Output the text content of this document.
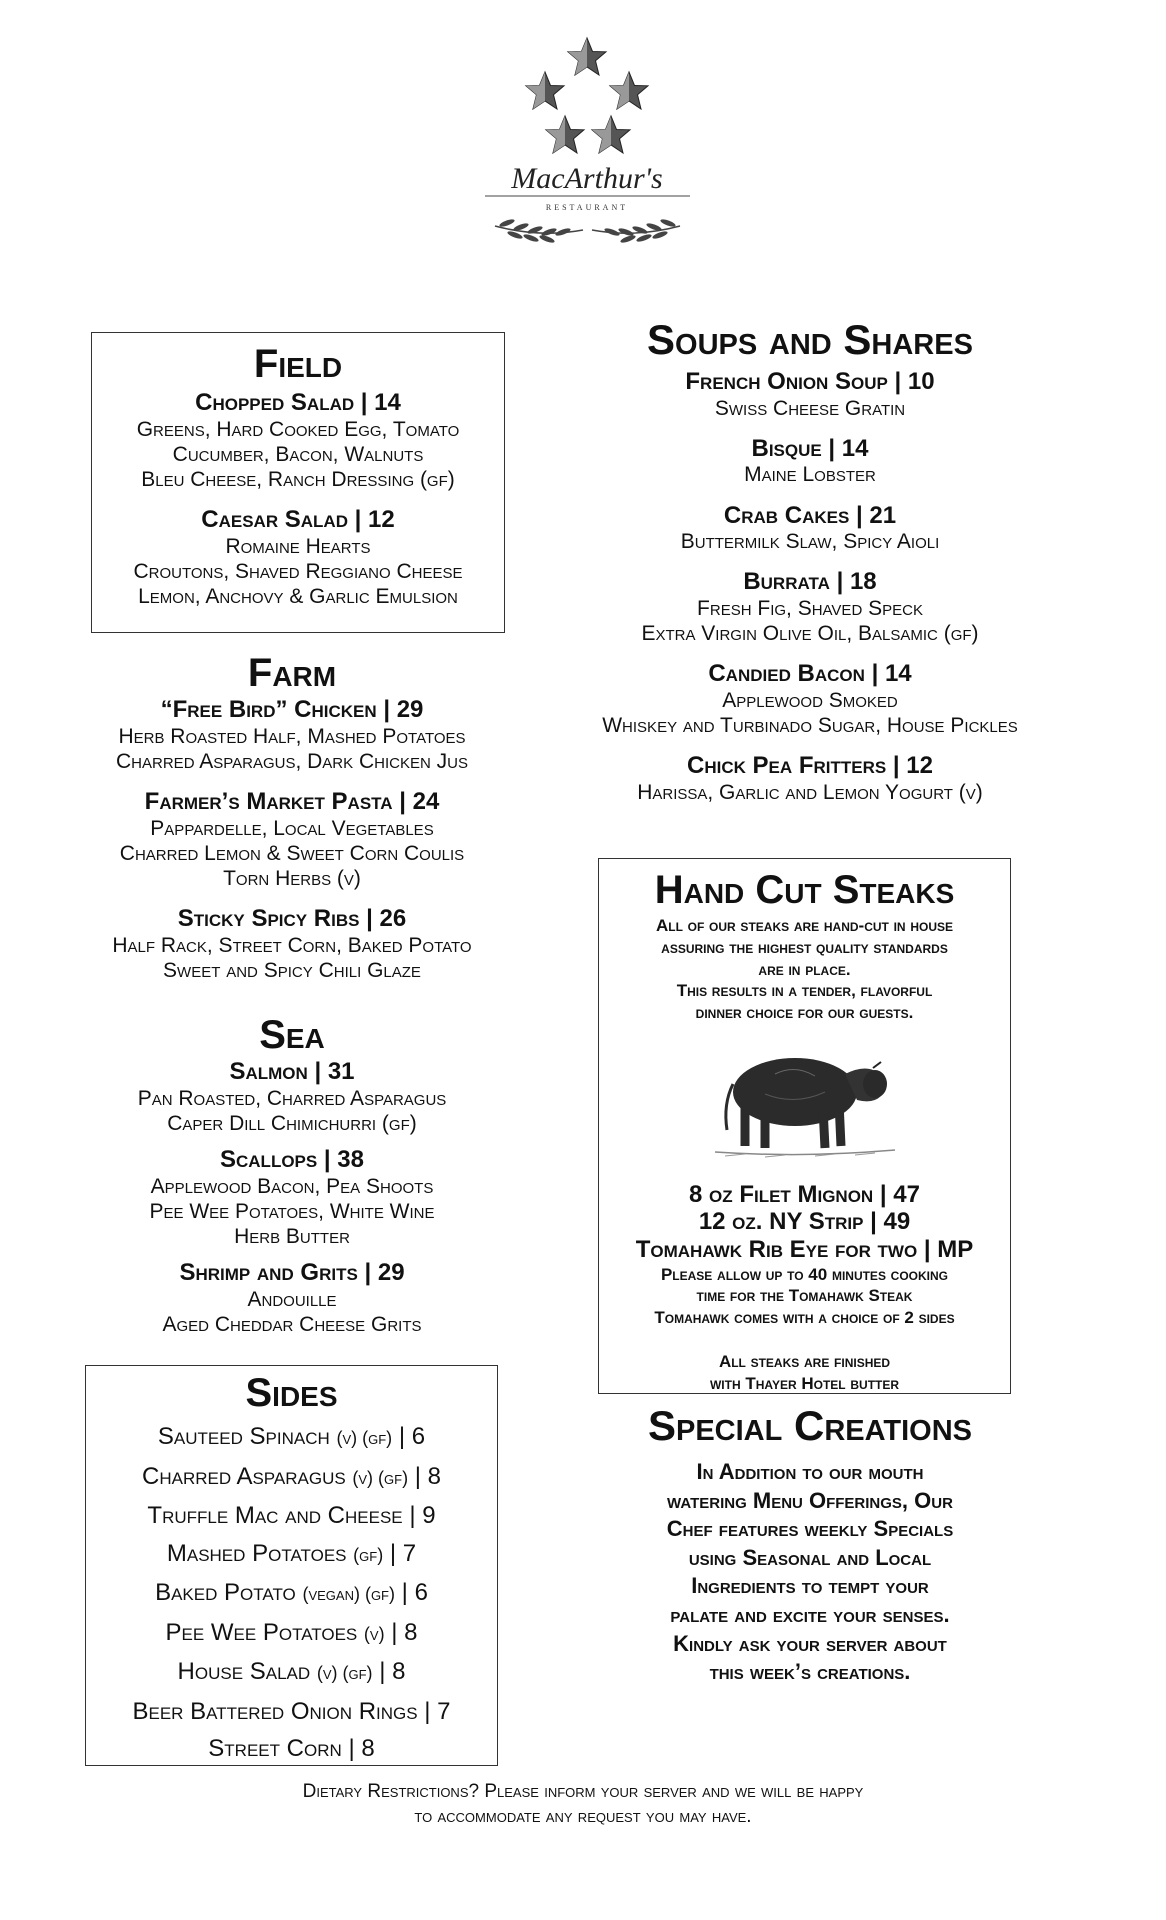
MacArthur's
RESTAURANT

Field

Chopped Salad | 14

Greens, Hard Cooked Egg, Tomato

Cucumber, Bacon, Walnuts

Bleu Cheese, Ranch Dressing (gf)

Caesar Salad | 12

Romaine Hearts

Croutons, Shaved Reggiano Cheese

Lemon, Anchovy & Garlic Emulsion

Farm

“Free Bird” Chicken | 29

Herb Roasted Half, Mashed Potatoes

Charred Asparagus, Dark Chicken Jus

Farmer’s Market Pasta | 24

Pappardelle, Local Vegetables

Charred Lemon & Sweet Corn Coulis

Torn Herbs (v)

Sticky Spicy Ribs | 26

Half Rack, Street Corn, Baked Potato

Sweet and Spicy Chili Glaze

Sea

Salmon | 31

Pan Roasted, Charred Asparagus

Caper Dill Chimichurri (gf)

Scallops | 38

Applewood Bacon, Pea Shoots

Pee Wee Potatoes, White Wine

Herb Butter

Shrimp and Grits | 29

Andouille

Aged Cheddar Cheese Grits

Sides

Sauteed Spinach (v) (gf) | 6

Charred Asparagus (v) (gf) | 8

Truffle Mac and Cheese | 9

Mashed Potatoes (gf) | 7

Baked Potato (vegan) (gf) | 6

Pee Wee Potatoes (v) | 8

House Salad (v) (gf) | 8

Beer Battered Onion Rings | 7

Street Corn | 8

Soups and Shares

French Onion Soup | 10

Swiss Cheese Gratin

Bisque | 14

Maine Lobster

Crab Cakes | 21

Buttermilk Slaw, Spicy Aioli

Burrata | 18

Fresh Fig, Shaved Speck

Extra Virgin Olive Oil, Balsamic (gf)

Candied Bacon | 14

Applewood Smoked

Whiskey and Turbinado Sugar, House Pickles

Chick Pea Fritters | 12

Harissa, Garlic and Lemon Yogurt (v)

Hand Cut Steaks

All of our steaks are hand-cut in house

assuring the highest quality standards

are in place.

This results in a tender, flavorful

dinner choice for our guests.

8 oz Filet Mignon | 47

12 oz. NY Strip | 49

Tomahawk Rib Eye for two | MP

Please allow up to 40 minutes cooking

time for the Tomahawk Steak

Tomahawk comes with a choice of 2 sides

All steaks are finished

with Thayer Hotel butter

Special Creations

In Addition to our mouth

watering Menu Offerings, Our

Chef features weekly Specials

using Seasonal and Local

Ingredients to tempt your

palate and excite your senses.

Kindly ask your server about

this week’s creations.

Dietary Restrictions? Please inform your server and we will be happy

to accommodate any request you may have.
